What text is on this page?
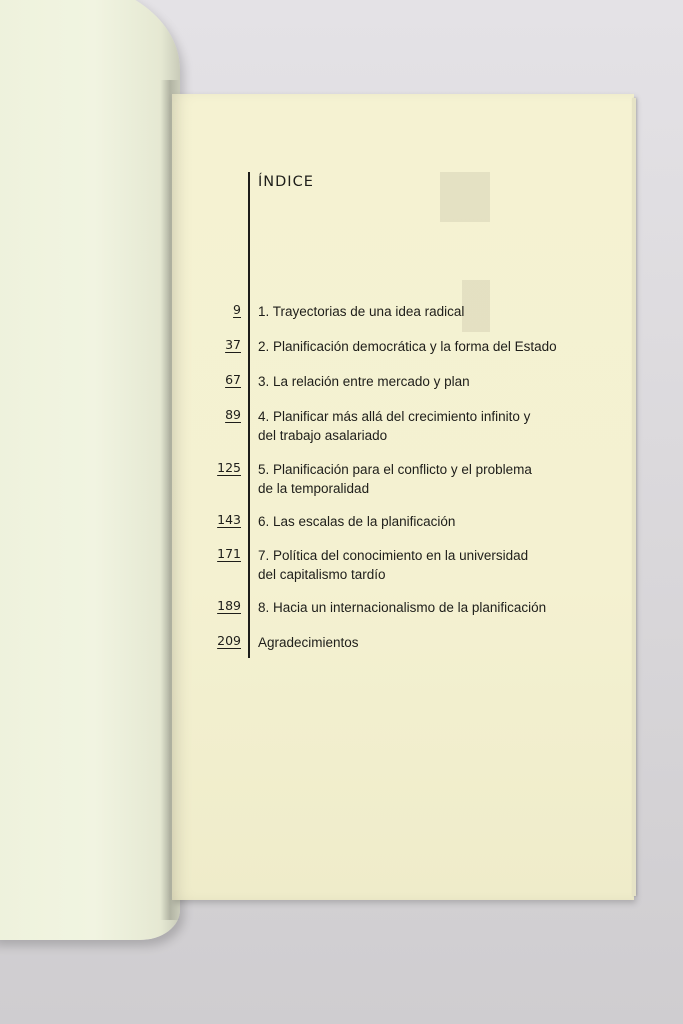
ÍNDICE
9 1. Trayectorias de una idea radical
37 2. Planificación democrática y la forma del Estado
67 3. La relación entre mercado y plan
89 4. Planificar más allá del crecimiento infinito y
del trabajo asalariado
125 5. Planificación para el conflicto y el problema
de la temporalidad
143 6. Las escalas de la planificación
171 7. Política del conocimiento en la universidad
del capitalismo tardío
189 8. Hacia un internacionalismo de la planificación
209 Agradecimientos
